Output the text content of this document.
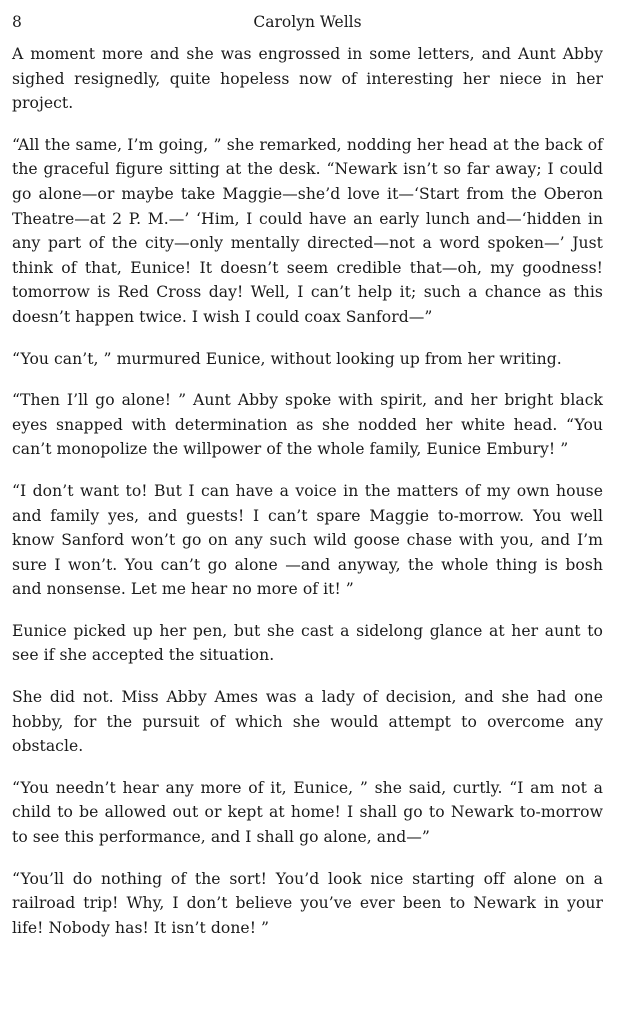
8	Carolyn Wells

A moment more and she was engrossed in some letters, and Aunt Abby sighed resignedly, quite hopeless now of interesting her niece in her project.

“All the same, I’m going, ” she remarked, nodding her head at the back of the graceful figure sitting at the desk. “Newark isn’t so far away; I could go alone—or maybe take Maggie—she’d love it—‘Start from the Oberon Theatre—at 2 P. M.—’ ‘Him, I could have an early lunch and—‘hidden in any part of the city—only mentally directed—not a word spoken—’ Just think of that, Eunice! It doesn’t seem credible that—oh, my goodness! tomorrow is Red Cross day! Well, I can’t help it; such a chance as this doesn’t happen twice. I wish I could coax Sanford—”

“You can’t, ” murmured Eunice, without looking up from her writing.

“Then I’ll go alone! ” Aunt Abby spoke with spirit, and her bright black eyes snapped with determination as she nodded her white head. “You can’t monopolize the willpower of the whole family, Eunice Embury! ”

“I don’t want to! But I can have a voice in the matters of my own house and family yes, and guests! I can’t spare Maggie to-morrow. You well know Sanford won’t go on any such wild goose chase with you, and I’m sure I won’t. You can’t go alone —and anyway, the whole thing is bosh and nonsense. Let me hear no more of it! ”

Eunice picked up her pen, but she cast a sidelong glance at her aunt to see if she accepted the situation.

She did not. Miss Abby Ames was a lady of decision, and she had one hobby, for the pursuit of which she would attempt to overcome any obstacle.

“You needn’t hear any more of it, Eunice, ” she said, curtly. “I am not a child to be allowed out or kept at home! I shall go to Newark to-morrow to see this performance, and I shall go alone, and—”

“You’ll do nothing of the sort! You’d look nice starting off alone on a railroad trip! Why, I don’t believe you’ve ever been to Newark in your life! Nobody has! It isn’t done! ”
